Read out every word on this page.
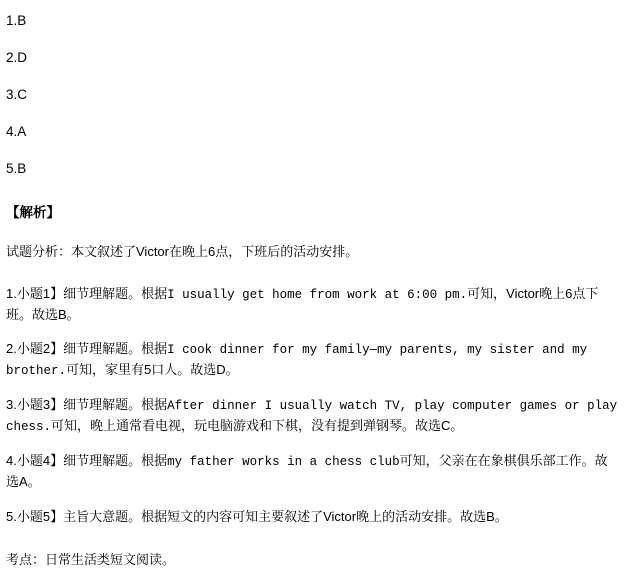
1.B
2.D
3.C
4.A
5.B
【解析】
试题分析：本文叙述了Victor在晚上6点，下班后的活动安排。
1.小题1】细节理解题。根据I usually get home from work at 6:00 pm.可知，Victor晚上6点下班。故选B。
2.小题2】细节理解题。根据I cook dinner for my family—my parents, my sister and my brother.可知，家里有5口人。故选D。
3.小题3】细节理解题。根据After dinner I usually watch TV, play computer games or play chess.可知，晚上通常看电视，玩电脑游戏和下棋，没有提到弹钢琴。故选C。
4.小题4】细节理解题。根据my father works in a chess club可知，父亲在在象棋俱乐部工作。故选A。
5.小题5】主旨大意题。根据短文的内容可知主要叙述了Victor晚上的活动安排。故选B。
考点：日常生活类短文阅读。
